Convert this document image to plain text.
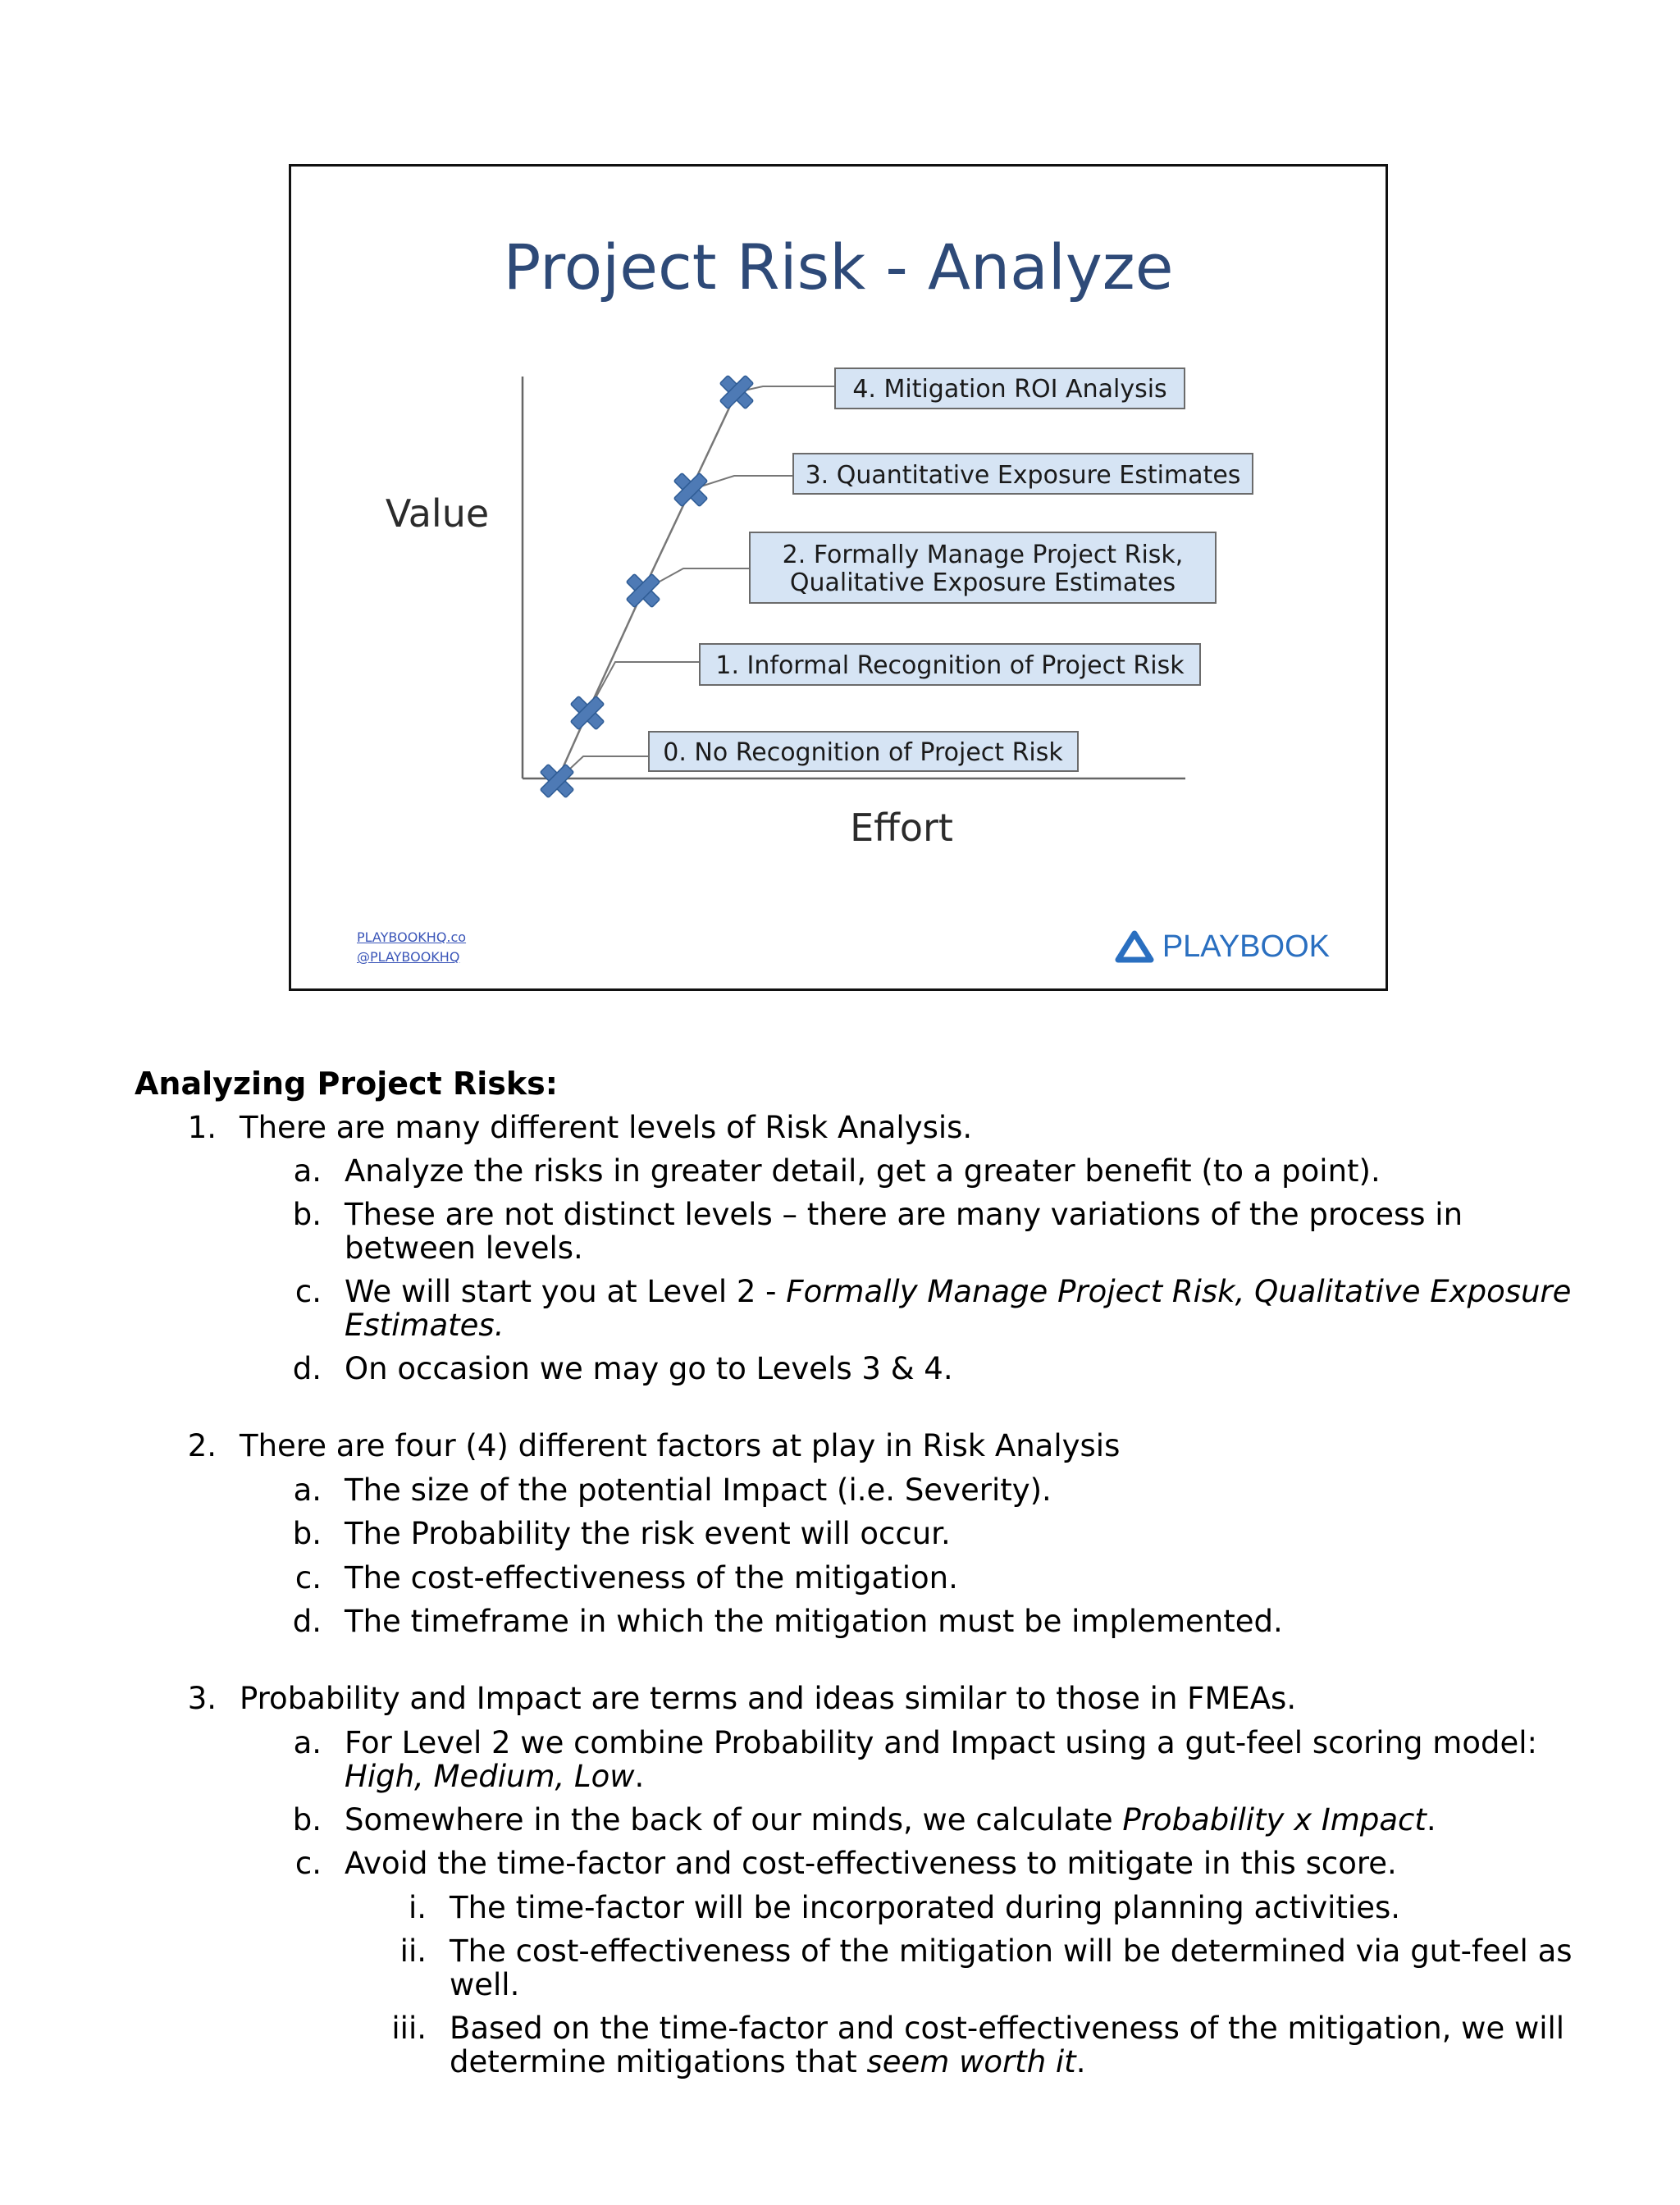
Project Risk - Analyze
0. No Recognition of Project Risk
1. Informal Recognition of Project Risk
2. Formally Manage Project Risk,
Qualitative Exposure Estimates
3. Quantitative Exposure Estimates
4. Mitigation ROI Analysis
Value
Effort
PLAYBOOKHQ.co
@PLAYBOOKHQ	PLAYBOOK
Analyzing Project Risks:
1. There are many different levels of Risk Analysis.
a. Analyze the risks in greater detail, get a greater benefit (to a point).
b. These are not distinct levels – there are many variations of the process in
between levels.
c. We will start you at Level 2 - Formally Manage Project Risk, Qualitative Exposure
Estimates.
d. On occasion we may go to Levels 3 & 4.
2. There are four (4) different factors at play in Risk Analysis
a. The size of the potential Impact (i.e. Severity).
b. The Probability the risk event will occur.
c. The cost-effectiveness of the mitigation.
d. The timeframe in which the mitigation must be implemented.
3. Probability and Impact are terms and ideas similar to those in FMEAs.
a. For Level 2 we combine Probability and Impact using a gut-feel scoring model:
High, Medium, Low.
b. Somewhere in the back of our minds, we calculate Probability x Impact.
c. Avoid the time-factor and cost-effectiveness to mitigate in this score.
i. The time-factor will be incorporated during planning activities.
ii. The cost-effectiveness of the mitigation will be determined via gut-feel as
well.
iii. Based on the time-factor and cost-effectiveness of the mitigation, we will
determine mitigations that seem worth it.
